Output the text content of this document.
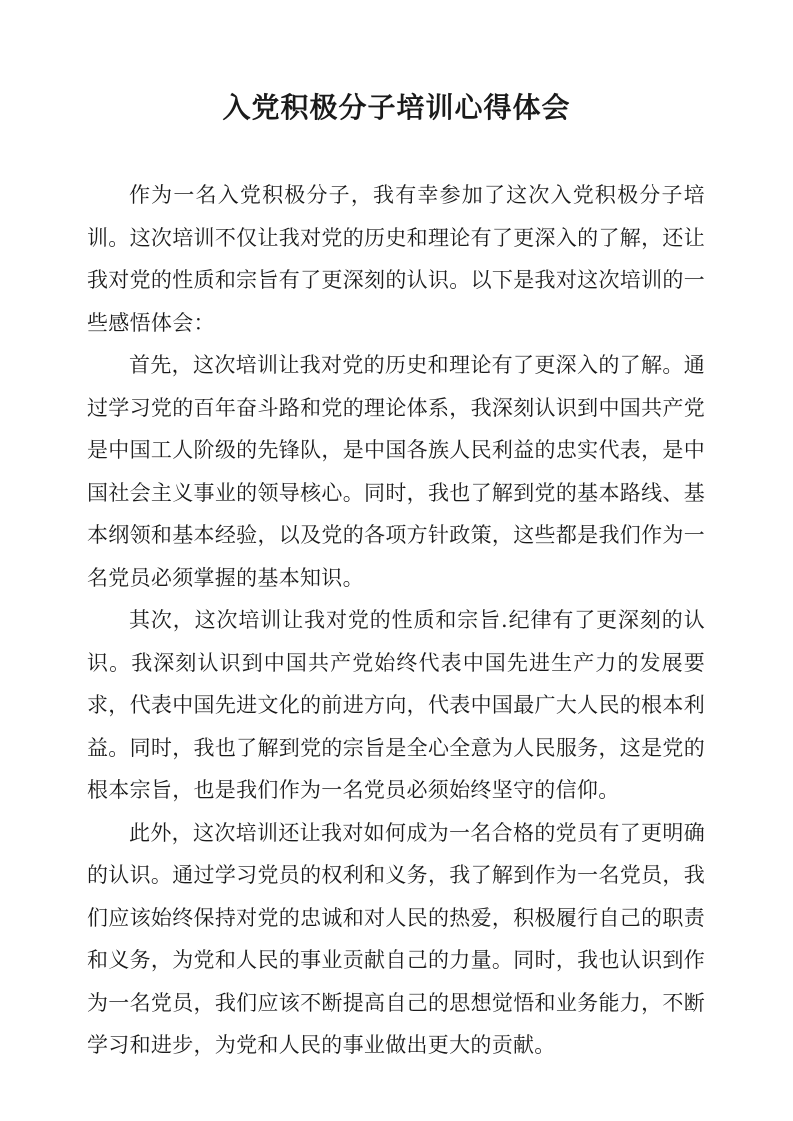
入党积极分子培训心得体会

作为一名入党积极分子，我有幸参加了这次入党积极分子培训。这次培训不仅让我对党的历史和理论有了更深入的了解，还让我对党的性质和宗旨有了更深刻的认识。以下是我对这次培训的一些感悟体会：

首先，这次培训让我对党的历史和理论有了更深入的了解。通过学习党的百年奋斗路和党的理论体系，我深刻认识到中国共产党是中国工人阶级的先锋队，是中国各族人民利益的忠实代表，是中国社会主义事业的领导核心。同时，我也了解到党的基本路线、基本纲领和基本经验，以及党的各项方针政策，这些都是我们作为一名党员必须掌握的基本知识。

其次，这次培训让我对党的性质和宗旨.纪律有了更深刻的认识。我深刻认识到中国共产党始终代表中国先进生产力的发展要求，代表中国先进文化的前进方向，代表中国最广大人民的根本利益。同时，我也了解到党的宗旨是全心全意为人民服务，这是党的根本宗旨，也是我们作为一名党员必须始终坚守的信仰。

此外，这次培训还让我对如何成为一名合格的党员有了更明确的认识。通过学习党员的权利和义务，我了解到作为一名党员，我们应该始终保持对党的忠诚和对人民的热爱，积极履行自己的职责和义务，为党和人民的事业贡献自己的力量。同时，我也认识到作为一名党员，我们应该不断提高自己的思想觉悟和业务能力，不断学习和进步，为党和人民的事业做出更大的贡献。
